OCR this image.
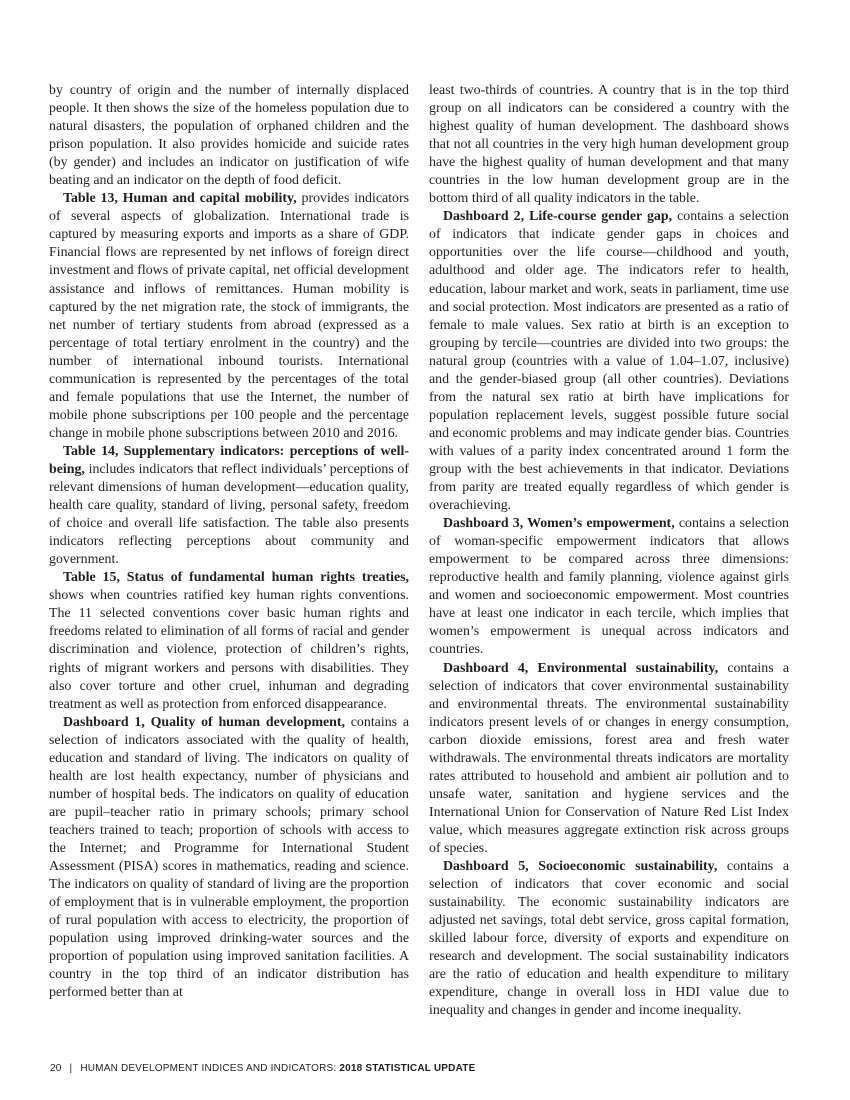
by country of origin and the number of internally displaced people. It then shows the size of the homeless population due to natural disasters, the population of orphaned children and the prison population. It also provides homicide and suicide rates (by gender) and includes an indicator on justification of wife beating and an indicator on the depth of food deficit.

Table 13, Human and capital mobility, provides indicators of several aspects of globalization. International trade is captured by measuring exports and imports as a share of GDP. Financial flows are represented by net inflows of foreign direct investment and flows of private capital, net official development assistance and inflows of remittances. Human mobility is captured by the net migration rate, the stock of immigrants, the net number of tertiary students from abroad (expressed as a percentage of total tertiary enrolment in the country) and the number of international inbound tourists. International communication is represented by the percentages of the total and female populations that use the Internet, the number of mobile phone subscriptions per 100 people and the percentage change in mobile phone subscriptions between 2010 and 2016.

Table 14, Supplementary indicators: perceptions of well-being, includes indicators that reflect individuals’ perceptions of relevant dimensions of human development—education quality, health care quality, standard of living, personal safety, freedom of choice and overall life satisfaction. The table also presents indicators reflecting perceptions about community and government.

Table 15, Status of fundamental human rights treaties, shows when countries ratified key human rights conventions. The 11 selected conventions cover basic human rights and freedoms related to elimination of all forms of racial and gender discrimination and violence, protection of children’s rights, rights of migrant workers and persons with disabilities. They also cover torture and other cruel, inhuman and degrading treatment as well as protection from enforced disappearance.

Dashboard 1, Quality of human development, contains a selection of indicators associated with the quality of health, education and standard of living. The indicators on quality of health are lost health expectancy, number of physicians and number of hospital beds. The indicators on quality of education are pupil–teacher ratio in primary schools; primary school teachers trained to teach; proportion of schools with access to the Internet; and Programme for International Student Assessment (PISA) scores in mathematics, reading and science. The indicators on quality of standard of living are the proportion of employment that is in vulnerable employment, the proportion of rural population with access to electricity, the proportion of population using improved drinking-water sources and the proportion of population using improved sanitation facilities. A country in the top third of an indicator distribution has performed better than at

least two-thirds of countries. A country that is in the top third group on all indicators can be considered a country with the highest quality of human development. The dashboard shows that not all countries in the very high human development group have the highest quality of human development and that many countries in the low human development group are in the bottom third of all quality indicators in the table.

Dashboard 2, Life-course gender gap, contains a selection of indicators that indicate gender gaps in choices and opportunities over the life course—childhood and youth, adulthood and older age. The indicators refer to health, education, labour market and work, seats in parliament, time use and social protection. Most indicators are presented as a ratio of female to male values. Sex ratio at birth is an exception to grouping by tercile—countries are divided into two groups: the natural group (countries with a value of 1.04–1.07, inclusive) and the gender-biased group (all other countries). Deviations from the natural sex ratio at birth have implications for population replacement levels, suggest possible future social and economic problems and may indicate gender bias. Countries with values of a parity index concentrated around 1 form the group with the best achievements in that indicator. Deviations from parity are treated equally regardless of which gender is overachieving.

Dashboard 3, Women’s empowerment, contains a selection of woman-specific empowerment indicators that allows empowerment to be compared across three dimensions: reproductive health and family planning, violence against girls and women and socioeconomic empowerment. Most countries have at least one indicator in each tercile, which implies that women’s empowerment is unequal across indicators and countries.

Dashboard 4, Environmental sustainability, contains a selection of indicators that cover environmental sustainability and environmental threats. The environmental sustainability indicators present levels of or changes in energy consumption, carbon dioxide emissions, forest area and fresh water withdrawals. The environmental threats indicators are mortality rates attributed to household and ambient air pollution and to unsafe water, sanitation and hygiene services and the International Union for Conservation of Nature Red List Index value, which measures aggregate extinction risk across groups of species.

Dashboard 5, Socioeconomic sustainability, contains a selection of indicators that cover economic and social sustainability. The economic sustainability indicators are adjusted net savings, total debt service, gross capital formation, skilled labour force, diversity of exports and expenditure on research and development. The social sustainability indicators are the ratio of education and health expenditure to military expenditure, change in overall loss in HDI value due to inequality and changes in gender and income inequality.

20 | HUMAN DEVELOPMENT INDICES AND INDICATORS: 2018 STATISTICAL UPDATE
